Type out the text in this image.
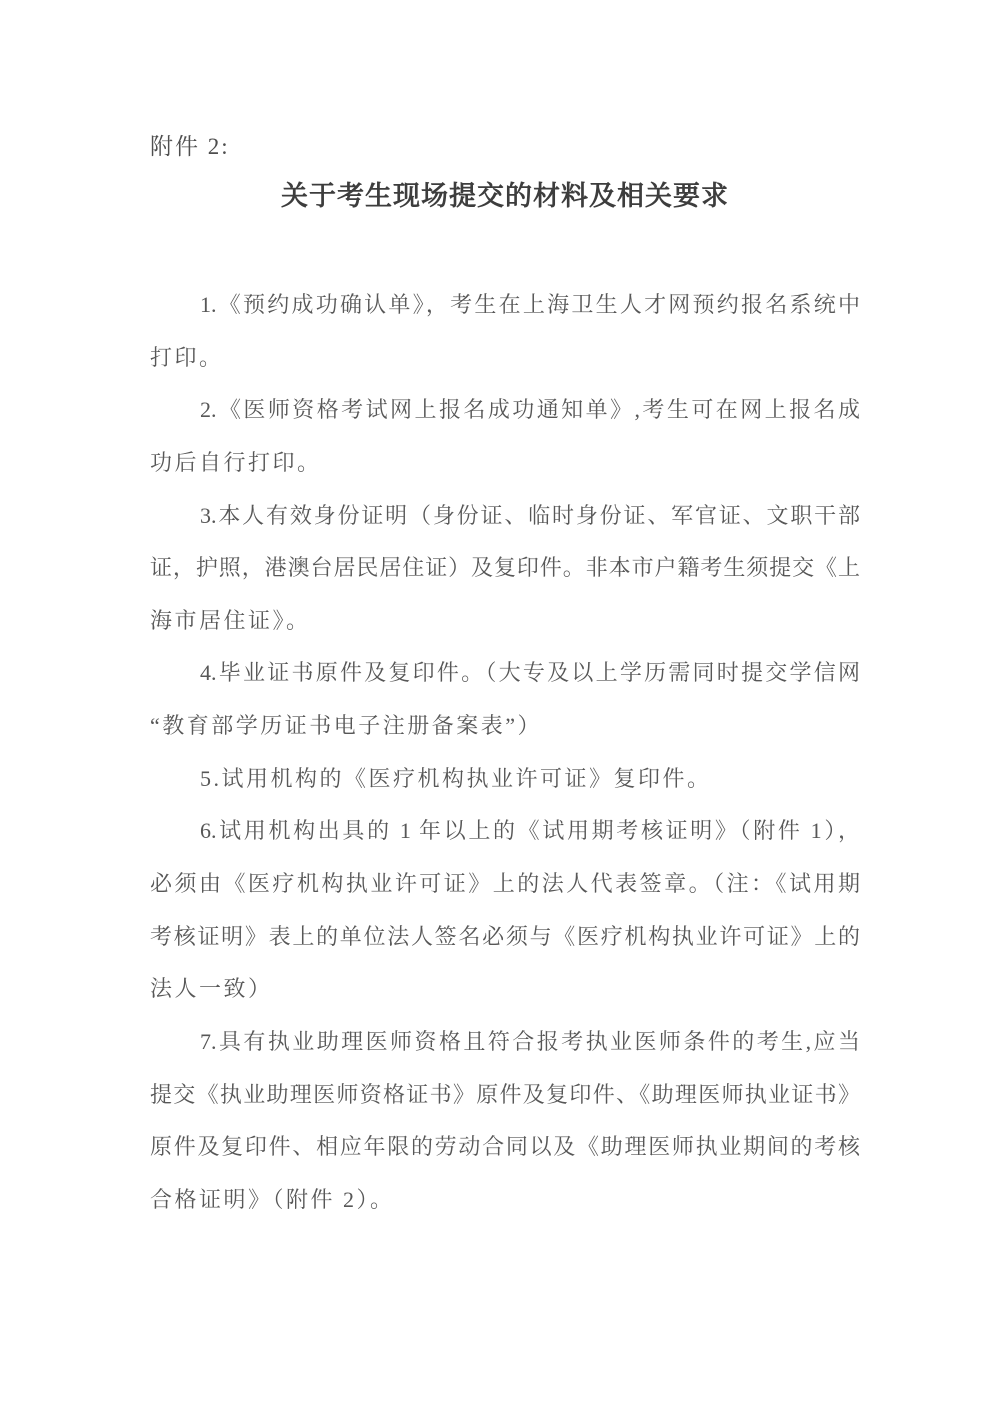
附件 2:
关于考生现场提交的材料及相关要求
1.《预约成功确认单》，考生在上海卫生人才网预约报名系统中
打印。
2.《医师资格考试网上报名成功通知单》,考生可在网上报名成
功后自行打印。
3.本人有效身份证明（身份证、临时身份证、军官证、文职干部
证，护照，港澳台居民居住证）及复印件。非本市户籍考生须提交《上
海市居住证》。
4.毕业证书原件及复印件。（大专及以上学历需同时提交学信网
“教育部学历证书电子注册备案表”）
5.试用机构的《医疗机构执业许可证》复印件。
6.试用机构出具的 1 年以上的《试用期考核证明》（附件 1），
必须由《医疗机构执业许可证》上的法人代表签章。（注：《试用期
考核证明》表上的单位法人签名必须与《医疗机构执业许可证》上的
法人一致）
7.具有执业助理医师资格且符合报考执业医师条件的考生,应当
提交《执业助理医师资格证书》原件及复印件、《助理医师执业证书》
原件及复印件、相应年限的劳动合同以及《助理医师执业期间的考核
合格证明》（附件 2）。
